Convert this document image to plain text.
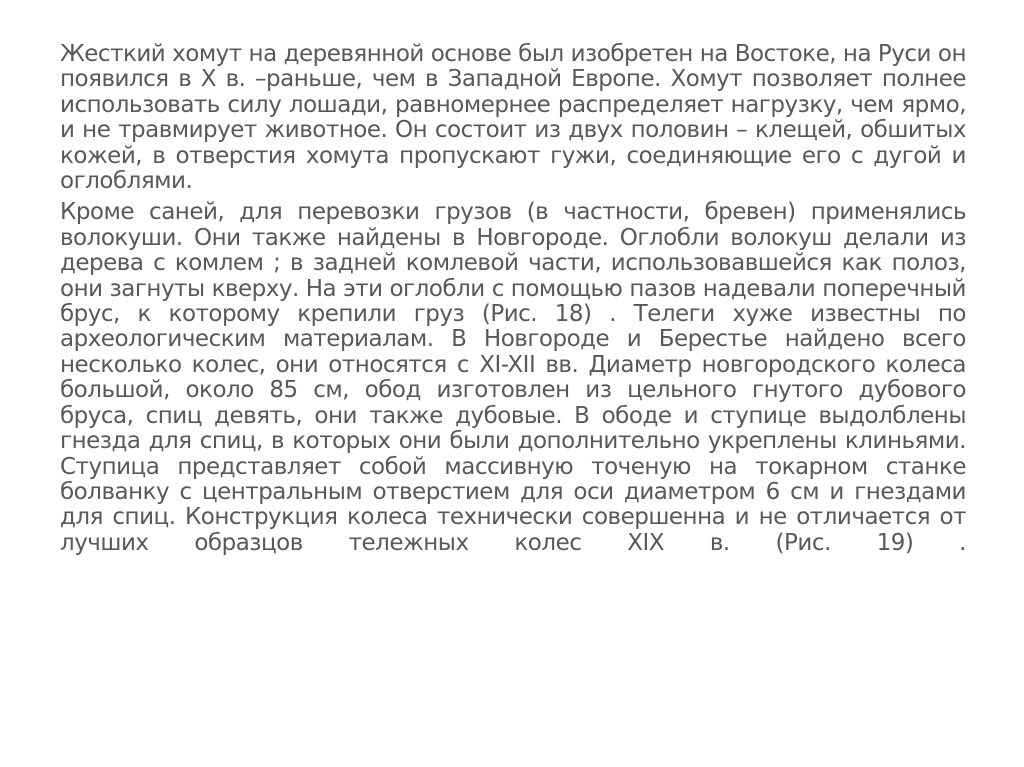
Жесткий хомут на деревянной основе был изобретен на Востоке, на Руси он появился в Х в. –раньше, чем в Западной Европе. Хомут позволяет полнее использовать силу лошади, равномернее распределяет нагрузку, чем ярмо, и не травмирует животное. Он состоит из двух половин – клещей, обшитых кожей, в отверстия хомута пропускают гужи, соединяющие его с дугой и оглоблями.

Кроме саней, для перевозки грузов (в частности, бревен) применялись волокуши. Они также найдены в Новгороде. Оглобли волокуш делали из дерева с комлем ; в задней комлевой части, использовавшейся как полоз, они загнуты кверху. На эти оглобли с помощью пазов надевали поперечный брус, к которому крепили груз (Рис. 18) . Телеги хуже известны по археологическим материалам. В Новгороде и Берестье найдено всего несколько колес, они относятся с XI-XII вв. Диаметр новгородского колеса большой, около 85 см, обод изготовлен из цельного гнутого дубового бруса, спиц девять, они также дубовые. В ободе и ступице выдолблены гнезда для спиц, в которых они были дополнительно укреплены клиньями. Ступица представляет собой массивную точеную на токарном станке болванку с центральным отверстием для оси диаметром 6 см и гнездами для спиц. Конструкция колеса технически совершенна и не отличается от лучших образцов тележных колес XIX в. (Рис. 19) .
